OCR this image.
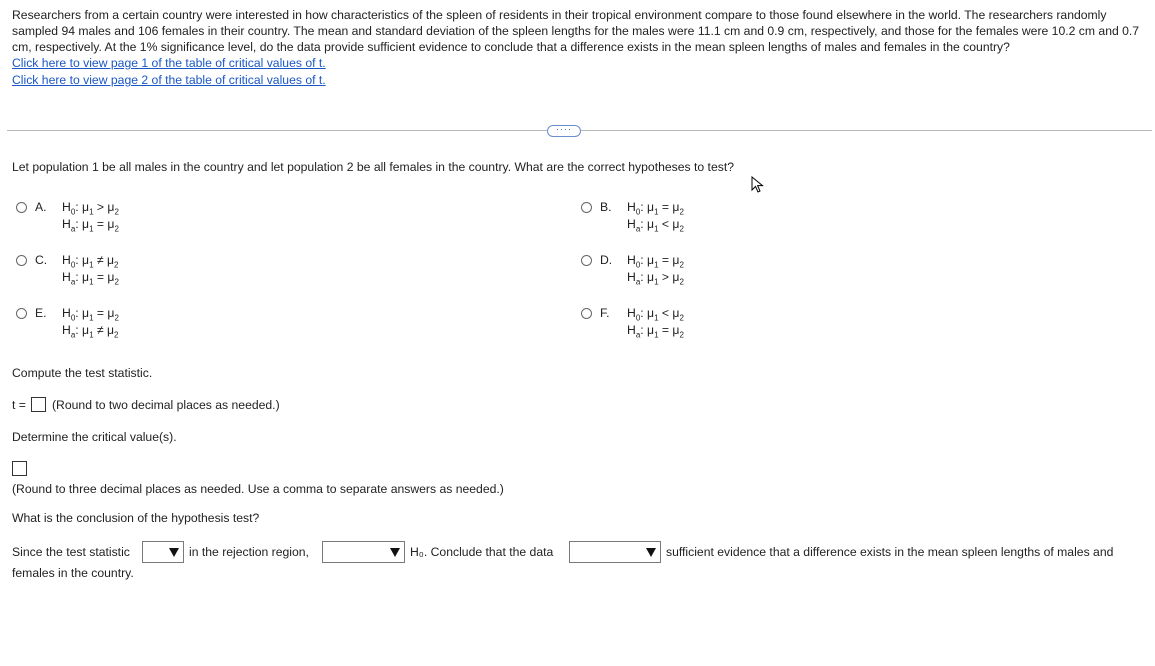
Researchers from a certain country were interested in how characteristics of the spleen of residents in their tropical environment compare to those found elsewhere in the world. The researchers randomly sampled 94 males and 106 females in their country. The mean and standard deviation of the spleen lengths for the males were 11.1 cm and 0.9 cm, respectively, and those for the females were 10.2 cm and 0.7 cm, respectively. At the 1% significance level, do the data provide sufficient evidence to conclude that a difference exists in the mean spleen lengths of males and females in the country?
Click here to view page 1 of the table of critical values of t.
Click here to view page 2 of the table of critical values of t.
····
Let population 1 be all males in the country and let population 2 be all females in the country. What are the correct hypotheses to test?
A. $H_0$: $\mu_1 > \mu_2$
$H_a$: $\mu_1 = \mu_2$
B. $H_0$: $\mu_1 = \mu_2$
$H_a$: $\mu_1 < \mu_2$
C. $H_0$: $\mu_1 \ne \mu_2$
$H_a$: $\mu_1 = \mu_2$
D. $H_0$: $\mu_1 = \mu_2$
$H_a$: $\mu_1 > \mu_2$
E. $H_0$: $\mu_1 = \mu_2$
$H_a$: $\mu_1 \ne \mu_2$
F. $H_0$: $\mu_1 < \mu_2$
$H_a$: $\mu_1 = \mu_2$
Compute the test statistic.
t = (Round to two decimal places as needed.)
Determine the critical value(s).
(Round to three decimal places as needed. Use a comma to separate answers as needed.)
What is the conclusion of the hypothesis test?
Since the test statistic	in the rejection region,	H₀. Conclude that the data	sufficient evidence that a difference exists in the mean spleen lengths of males and
females in the country.
